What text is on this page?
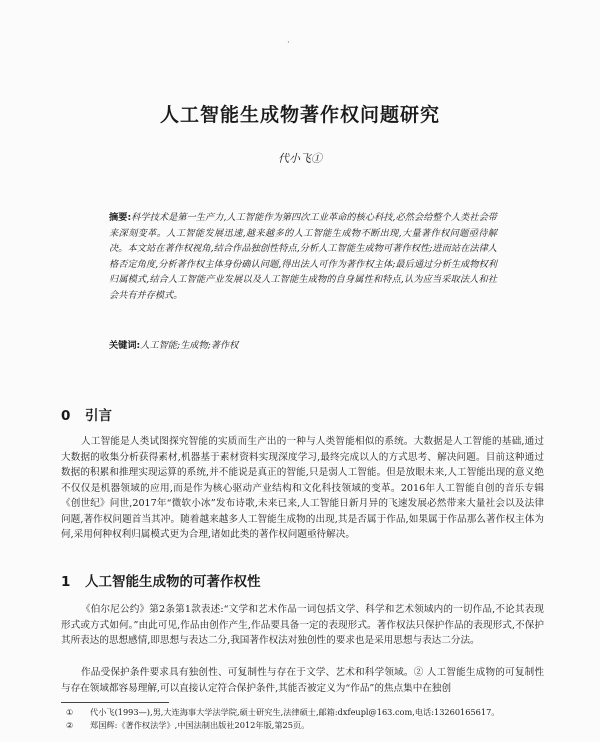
·
人工智能生成物著作权问题研究
代小飞①
摘要:科学技术是第一生产力,人工智能作为第四次工业革命的核心科技,必然会给整个人类社会带来深刻变革。人工智能发展迅速,越来越多的人工智能生成物不断出现,大量著作权问题亟待解决。本文站在著作权视角,结合作品独创性特点,分析人工智能生成物可著作权性;进而站在法律人格否定角度,分析著作权主体身份确认问题,得出法人可作为著作权主体;最后通过分析生成物权利归属模式,结合人工智能产业发展以及人工智能生成物的自身属性和特点,认为应当采取法人和社会共有并存模式。
关键词:人工智能;生成物;著作权
0 引言
人工智能是人类试图探究智能的实质而生产出的一种与人类智能相似的系统。大数据是人工智能的基础,通过大数据的收集分析获得素材,机器基于素材资料实现深度学习,最终完成以人的方式思考、解决问题。目前这种通过数据的积累和推理实现运算的系统,并不能说是真正的智能,只是弱人工智能。但是放眼未来,人工智能出现的意义绝不仅仅是机器领域的应用,而是作为核心驱动产业结构和文化科技领域的变革。2016年人工智能自创的音乐专辑《创世纪》问世,2017年“微软小冰”发布诗歌,未来已来,人工智能日新月异的飞速发展必然带来大量社会以及法律问题,著作权问题首当其冲。随着越来越多人工智能生成物的出现,其是否属于作品,如果属于作品那么著作权主体为何,采用何种权利归属模式更为合理,诸如此类的著作权问题亟待解决。
1 人工智能生成物的可著作权性
《伯尔尼公约》第2条第1款表述:“文学和艺术作品一词包括文学、科学和艺术领域内的一切作品,不论其表现形式或方式如何。”由此可见,作品由创作产生,作品要具备一定的表现形式。著作权法只保护作品的表现形式,不保护其所表达的思想感情,即思想与表达二分,我国著作权法对独创性的要求也是采用思想与表达二分法。
作品受保护条件要求具有独创性、可复制性与存在于文学、艺术和科学领域。② 人工智能生成物的可复制性与存在领域都容易理解,可以直接认定符合保护条件,其能否被定义为“作品”的焦点集中在独创
① 代小飞(1993—),男,大连海事大学法学院,硕士研究生,法律硕士,邮箱:dxfeupl@163.com,电话:13260165617。
② 郑国辉:《著作权法学》,中国法制出版社2012年版,第25页。
